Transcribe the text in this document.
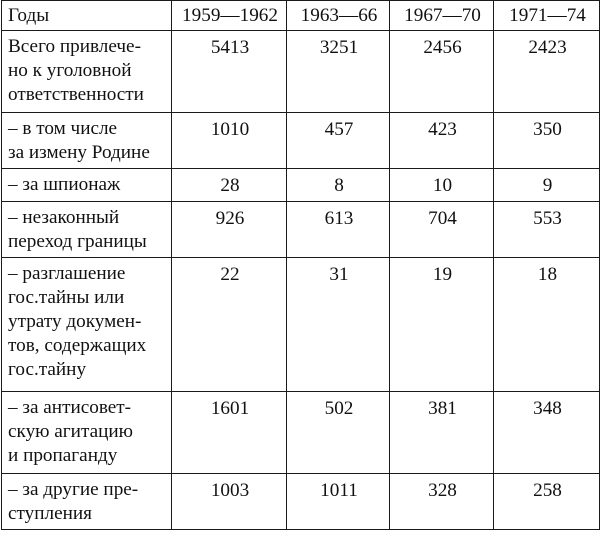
Годы	1959—1962	1963—66	1967—70	1971—74
Всего привлече-
но к уголовной
ответственности	5413	3251	2456	2423
– в том числе
за измену Родине	1010	457	423	350
– за шпионаж	28	8	10	9
– незаконный
переход границы	926	613	704	553
– разглашение
гос.тайны или
утрату докумен-
тов, содержащих
гос.тайну	22	31	19	18
– за антисовет-
скую агитацию
и пропаганду	1601	502	381	348
– за другие пре-
ступления	1003	1011	328	258
